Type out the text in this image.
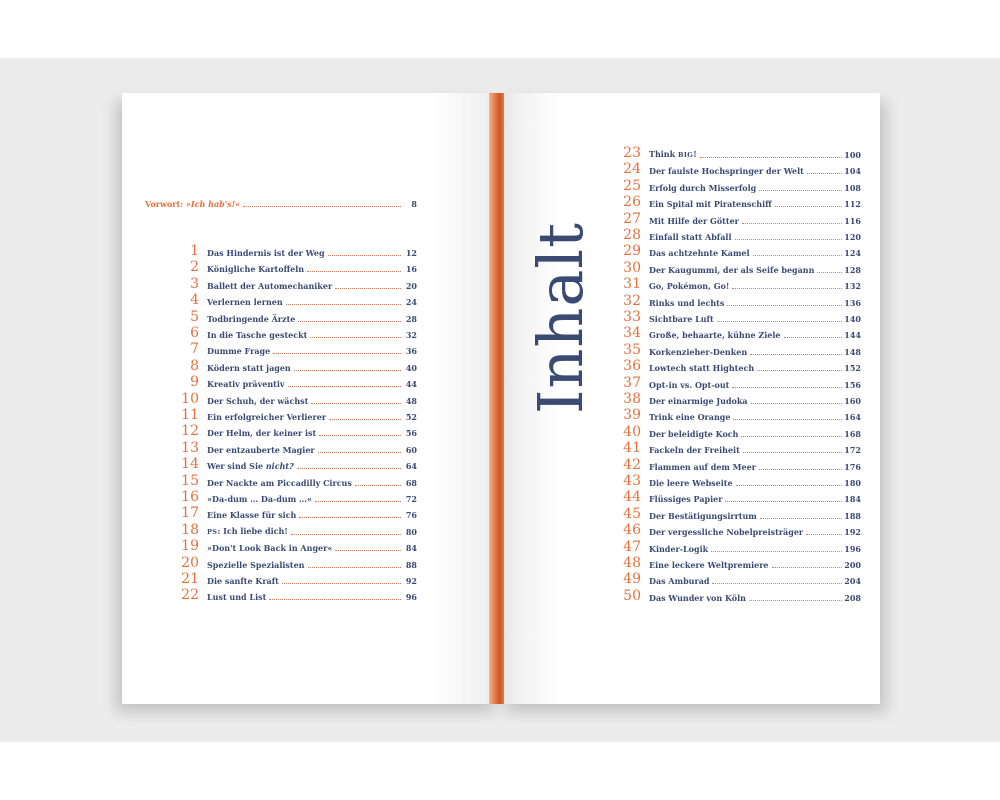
Vorwort: »Ich hab's!«	8
Inhalt
1 Das Hindernis ist der Weg	12
2 Königliche Kartoffeln	16
3 Ballett der Automechaniker	20
4 Verlernen lernen	24
5 Todbringende Ärzte	28
6 In die Tasche gesteckt	32
7 Dumme Frage	36
8 Ködern statt jagen	40
9 Kreativ präventiv	44
10 Der Schuh, der wächst	48
11 Ein erfolgreicher Verlierer	52
12 Der Helm, der keiner ist	56
13 Der entzauberte Magier	60
14 Wer sind Sie nicht?	64
15 Der Nackte am Piccadilly Circus	68
16 »Da-dum … Da-dum …«	72
17 Eine Klasse für sich	76
18 PS: Ich liebe dich!	80
19 »Don't Look Back in Anger«	84
20 Spezielle Spezialisten	88
21 Die sanfte Kraft	92
22 Lust und List	96
23 Think BIG!	100
24 Der faulste Hochspringer der Welt	104
25 Erfolg durch Misserfolg	108
26 Ein Spital mit Piratenschiff	112
27 Mit Hilfe der Götter	116
28 Einfall statt Abfall	120
29 Das achtzehnte Kamel	124
30 Der Kaugummi, der als Seife begann	128
31 Go, Pokémon, Go!	132
32 Rinks und lechts	136
33 Sichtbare Luft	140
34 Große, behaarte, kühne Ziele	144
35 Korkenzieher-Denken	148
36 Lowtech statt Hightech	152
37 Opt-in vs. Opt-out	156
38 Der einarmige Judoka	160
39 Trink eine Orange	164
40 Der beleidigte Koch	168
41 Fackeln der Freiheit	172
42 Flammen auf dem Meer	176
43 Die leere Webseite	180
44 Flüssiges Papier	184
45 Der Bestätigungsirrtum	188
46 Der vergessliche Nobelpreisträger	192
47 Kinder-Logik	196
48 Eine leckere Weltpremiere	200
49 Das Amburad	204
50 Das Wunder von Köln	208
